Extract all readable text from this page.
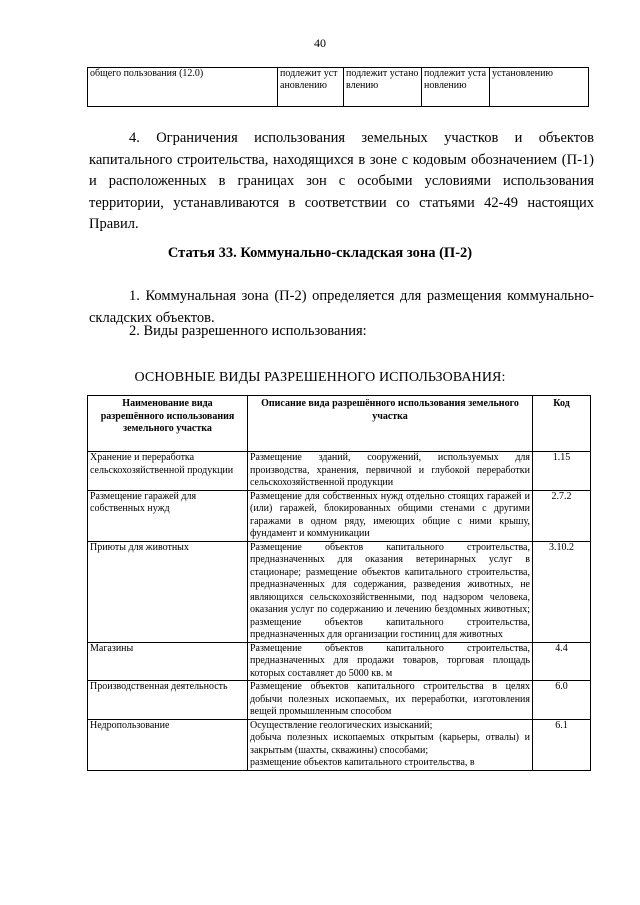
40
общего пользования (12.0)	подлежит установлению	подлежит установлению	подлежит установлению	установлению

4. Ограничения использования земельных участков и объектов капитального строительства, находящихся в зоне с кодовым обозначением (П-1) и расположенных в границах зон с особыми условиями использования территории, устанавливаются в соответствии со статьями 42-49 настоящих Правил.

Статья 33. Коммунально-складская зона (П-2)

1. Коммунальная зона (П-2) определяется для размещения коммунально-складских объектов.

2. Виды разрешенного использования:

ОСНОВНЫЕ ВИДЫ РАЗРЕШЕННОГО ИСПОЛЬЗОВАНИЯ:

Наименование вида разрешённого использования земельного участка	Описание вида разрешённого использования земельного участка	Код
Хранение и переработка сельскохозяйственной продукции	Размещение зданий, сооружений, используемых для производства, хранения, первичной и глубокой переработки сельскохозяйственной продукции	1.15
Размещение гаражей для собственных нужд	Размещение для собственных нужд отдельно стоящих гаражей и (или) гаражей, блокированных общими стенами с другими гаражами в одном ряду, имеющих общие с ними крышу, фундамент и коммуникации	2.7.2
Приюты для животных	Размещение объектов капитального строительства, предназначенных для оказания ветеринарных услуг в стационаре; размещение объектов капитального строительства, предназначенных для содержания, разведения животных, не являющихся сельскохозяйственными, под надзором человека, оказания услуг по содержанию и лечению бездомных животных; размещение объектов капитального строительства, предназначенных для организации гостиниц для животных	3.10.2
Магазины	Размещение объектов капитального строительства, предназначенных для продажи товаров, торговая площадь которых составляет до 5000 кв. м	4.4
Производственная деятельность	Размещение объектов капитального строительства в целях добычи полезных ископаемых, их переработки, изготовления вещей промышленным способом	6.0
Недропользование	Осуществление геологических изысканий;
добыча полезных ископаемых открытым (карьеры, отвалы) и закрытым (шахты, скважины) способами;
размещение объектов капитального строительства, в	6.1
